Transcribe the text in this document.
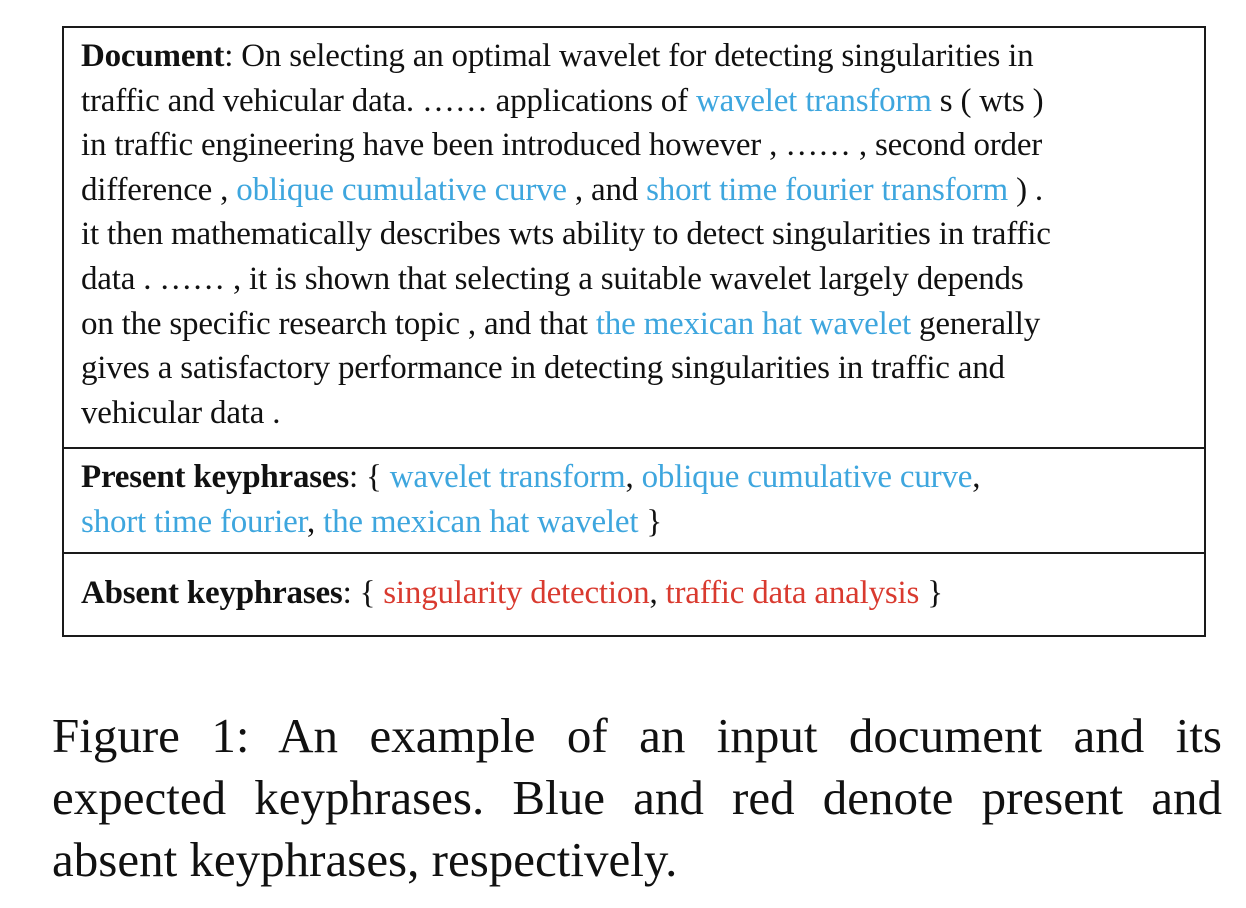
Document: On selecting an optimal wavelet for detecting singularities in
traffic and vehicular data. …… applications of wavelet transform s ( wts )
in traffic engineering have been introduced however , …… , second order
difference , oblique cumulative curve , and short time fourier transform ) .
it then mathematically describes wts ability to detect singularities in traffic
data . …… , it is shown that selecting a suitable wavelet largely depends
on the specific research topic , and that the mexican hat wavelet generally
gives a satisfactory performance in detecting singularities in traffic and
vehicular data .
Present keyphrases: { wavelet transform, oblique cumulative curve,
short time fourier, the mexican hat wavelet }
Absent keyphrases: { singularity detection, traffic data analysis }
Figure 1: An example of an input document and its
expected keyphrases. Blue and red denote present and
absent keyphrases, respectively.
